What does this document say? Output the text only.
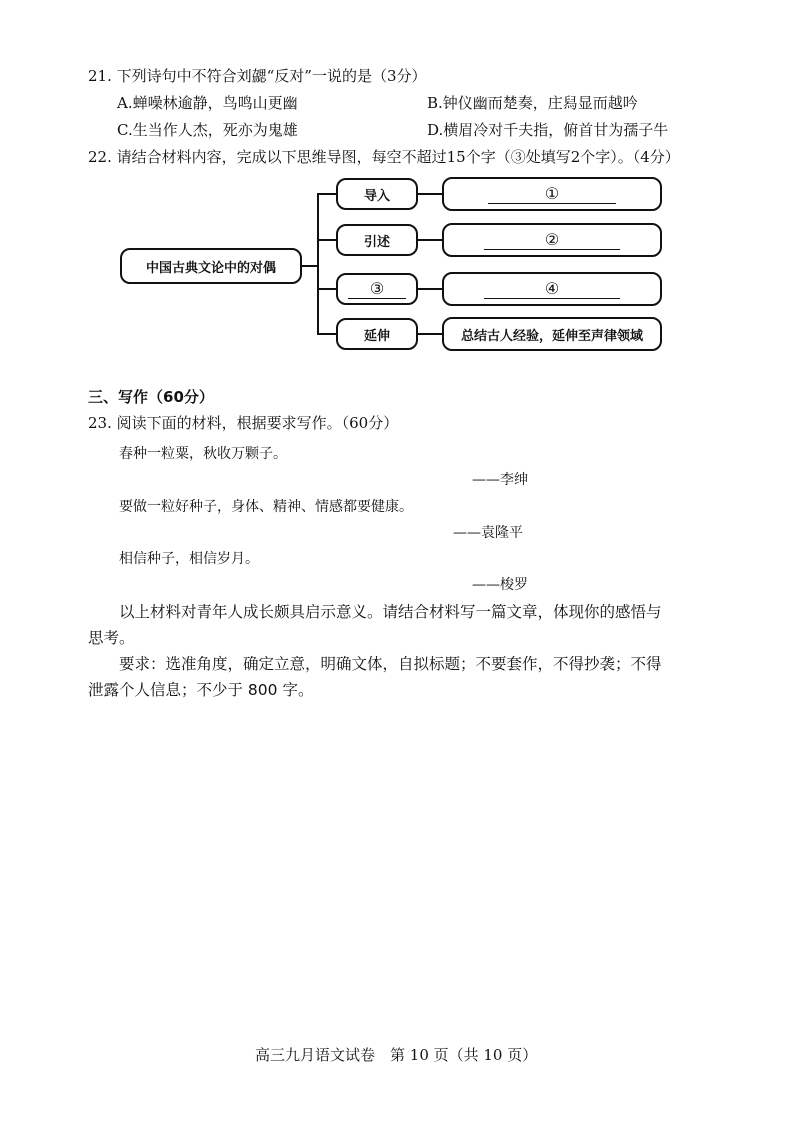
21. 下列诗句中不符合刘勰“反对”一说的是（3分）
A.蝉噪林逾静，鸟鸣山更幽	B.钟仪幽而楚奏，庄舄显而越吟
C.生当作人杰，死亦为鬼雄	D.横眉冷对千夫指，俯首甘为孺子牛
22. 请结合材料内容，完成以下思维导图，每空不超过15个字（③处填写2个字）。（4分）
中国古典文论中的对偶
导入
引述
③
延伸
①
②
④
总结古人经验，延伸至声律领域
三、写作（60分）
23. 阅读下面的材料，根据要求写作。（60分）
春种一粒粟，秋收万颗子。
——李绅
要做一粒好种子，身体、精神、情感都要健康。
——袁隆平
相信种子，相信岁月。
——梭罗
以上材料对青年人成长颇具启示意义。请结合材料写一篇文章，体现你的感悟与
思考。
要求：选准角度，确定立意，明确文体，自拟标题；不要套作，不得抄袭；不得
泄露个人信息；不少于 800 字。
高三九月语文试卷　第 10 页（共 10 页）
